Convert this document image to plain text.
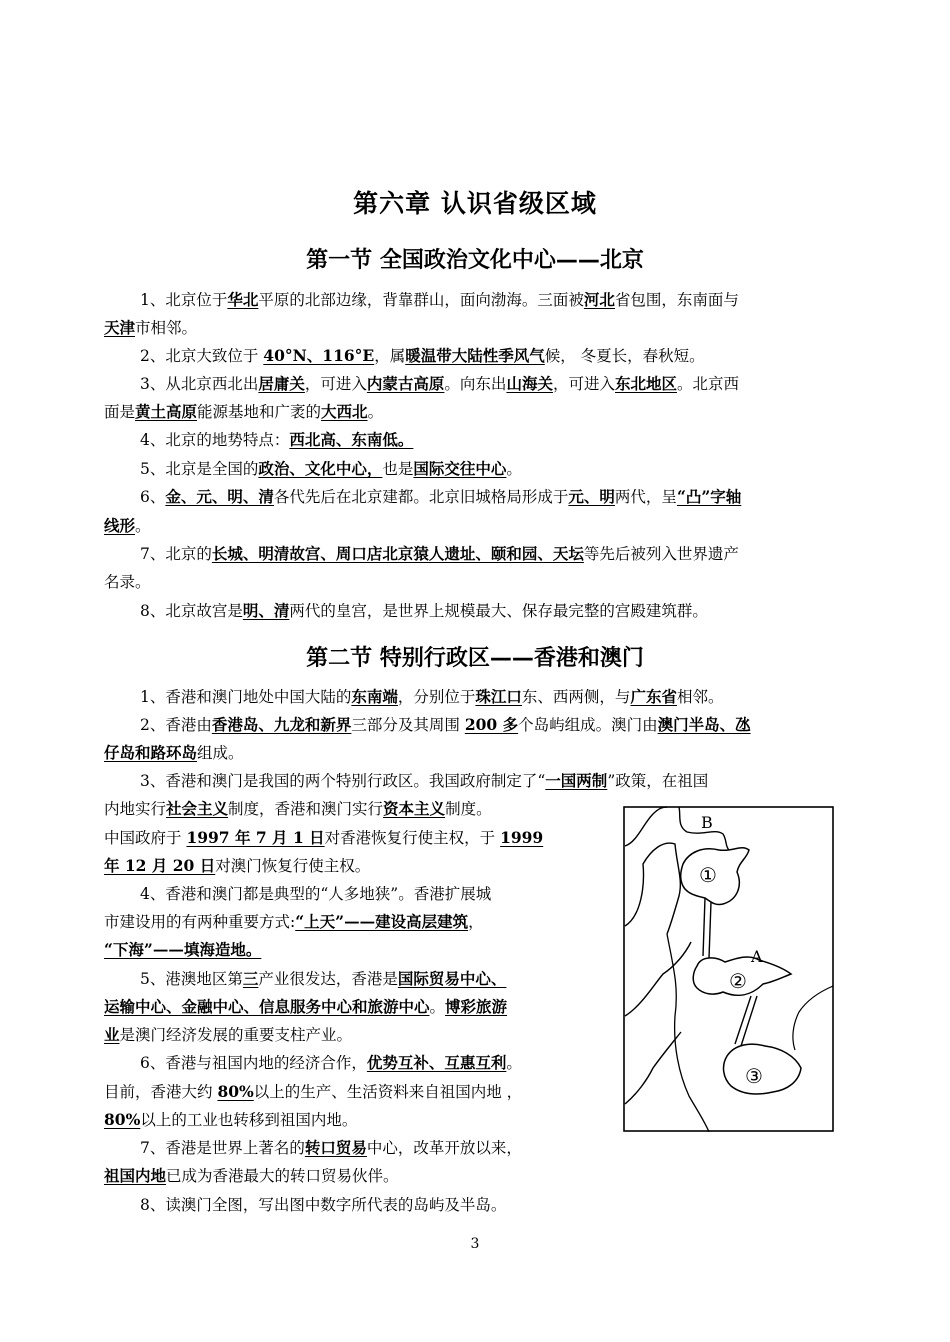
第六章 认识省级区域
第一节 全国政治文化中心——北京
1、北京位于华北平原的北部边缘，背靠群山，面向渤海。三面被河北省包围，东南面与
天津市相邻。
2、北京大致位于 40°N、116°E，属暖温带大陆性季风气候， 冬夏长，春秋短。
3、从北京西北出居庸关，可进入内蒙古高原。向东出山海关，可进入东北地区。北京西
面是黄土高原能源基地和广袤的大西北。
4、北京的地势特点：西北高、东南低。
5、北京是全国的政治、文化中心，也是国际交往中心。
6、金、元、明、清各代先后在北京建都。北京旧城格局形成于元、明两代，呈“凸”字轴
线形。
7、北京的长城、明清故宫、周口店北京猿人遗址、颐和园、天坛等先后被列入世界遗产
名录。
8、北京故宫是明、清两代的皇宫，是世界上规模最大、保存最完整的宫殿建筑群。
第二节 特别行政区——香港和澳门
1、香港和澳门地处中国大陆的东南端，分别位于珠江口东、西两侧，与广东省相邻。
2、香港由香港岛、九龙和新界三部分及其周围 200 多个岛屿组成。澳门由澳门半岛、氹
仔岛和路环岛组成。
3、香港和澳门是我国的两个特别行政区。我国政府制定了“一国两制”政策，在祖国
内地实行社会主义制度，香港和澳门实行资本主义制度。
中国政府于 1997 年 7 月 1 日对香港恢复行使主权，于 1999
年 12 月 20 日对澳门恢复行使主权。
4、香港和澳门都是典型的“人多地狭”。香港扩展城
市建设用的有两种重要方式:“上天”——建设高层建筑，
“下海”——填海造地。
5、港澳地区第三产业很发达，香港是国际贸易中心、
运输中心、金融中心、信息服务中心和旅游中心。博彩旅游
业是澳门经济发展的重要支柱产业。
6、香港与祖国内地的经济合作，优势互补、互惠互利。
目前，香港大约 80%以上的生产、生活资料来自祖国内地 ，
80%以上的工业也转移到祖国内地。
7、香港是世界上著名的转口贸易中心，改革开放以来，
祖国内地已成为香港最大的转口贸易伙伴。
8、读澳门全图，写出图中数字所代表的岛屿及半岛。
B
A
①
②
③
3
